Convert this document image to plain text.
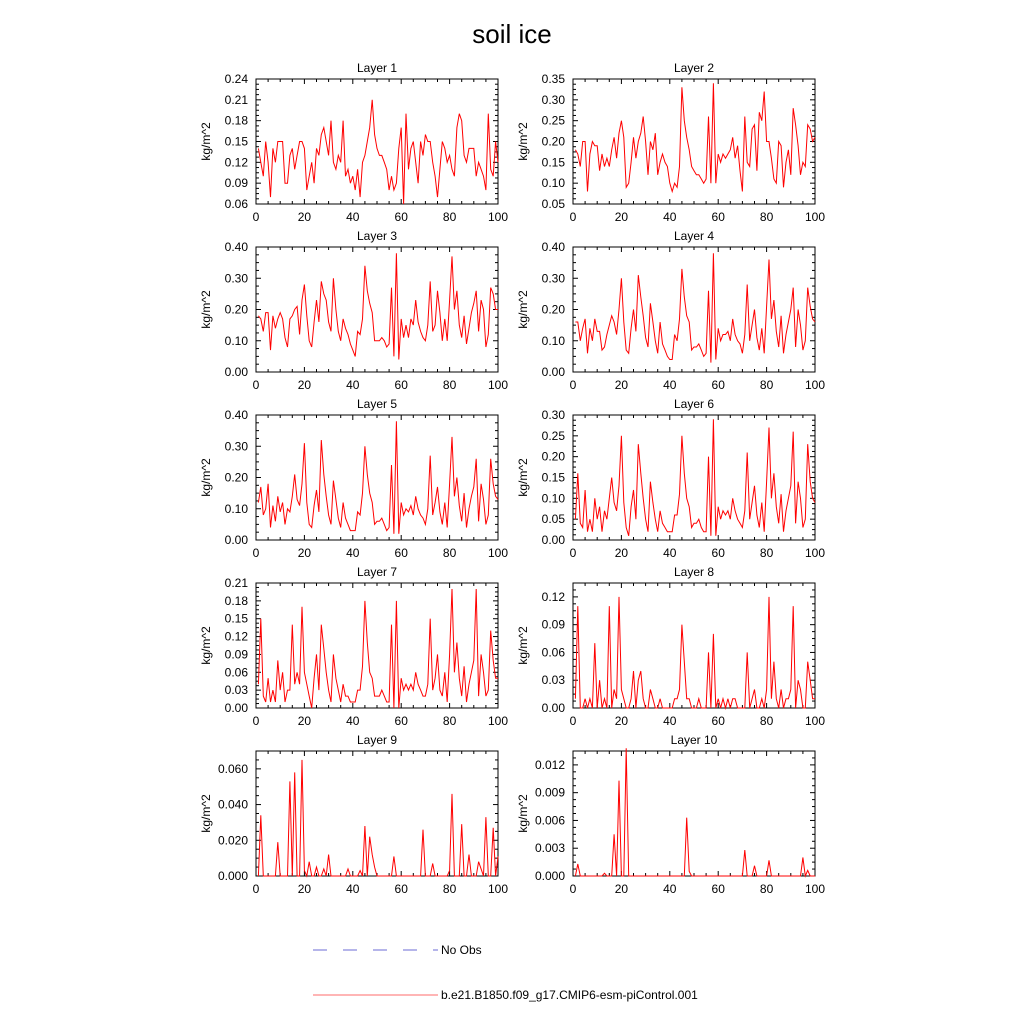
soil ice
Layer 1
0	20	40	60	80	100
0.06
0.09
0.12
0.15
0.18
0.21
0.24
kg/m^2
Layer 2
0	20	40	60	80	100
0.05
0.10
0.15
0.20
0.25
0.30
0.35
kg/m^2
Layer 3
0	20	40	60	80	100
0.00
0.10
0.20
0.30
0.40
kg/m^2
Layer 4
0	20	40	60	80	100
0.00
0.10
0.20
0.30
0.40
kg/m^2
Layer 5
0	20	40	60	80	100
0.00
0.10
0.20
0.30
0.40
kg/m^2
Layer 6
0	20	40	60	80	100
0.00
0.05
0.10
0.15
0.20
0.25
0.30
kg/m^2
Layer 7
0	20	40	60	80	100
0.00
0.03
0.06
0.09
0.12
0.15
0.18
0.21
kg/m^2
Layer 8
0	20	40	60	80	100
0.00
0.03
0.06
0.09
0.12
kg/m^2
Layer 9
0	20	40	60	80	100
0.000
0.020
0.040
0.060
kg/m^2
Layer 10
0	20	40	60	80	100
0.000
0.003
0.006
0.009
0.012
kg/m^2
No Obs
b.e21.B1850.f09_g17.CMIP6-esm-piControl.001
